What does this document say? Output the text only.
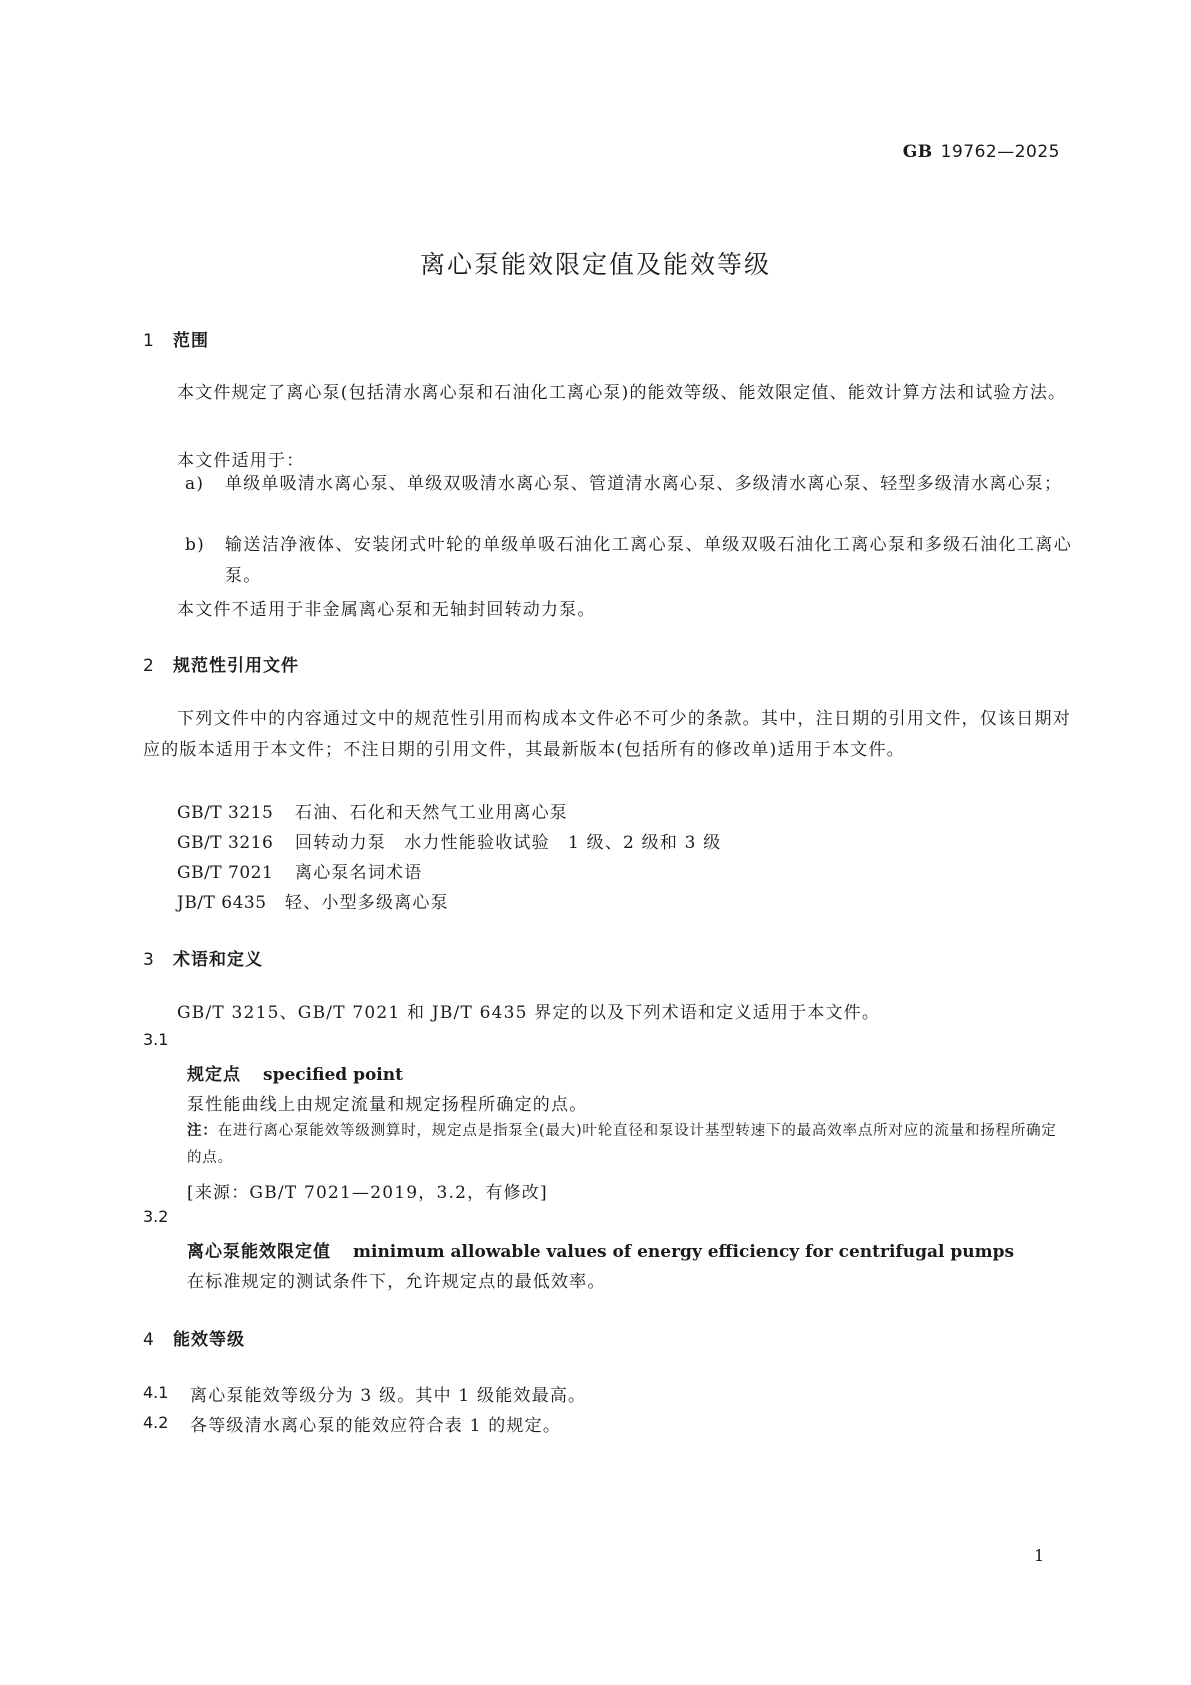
GB 19762—2025
离心泵能效限定值及能效等级
1 范围
本文件规定了离心泵(包括清水离心泵和石油化工离心泵)的能效等级、能效限定值、能效计算方法和试验方法。
本文件适用于：
a)	单级单吸清水离心泵、单级双吸清水离心泵、管道清水离心泵、多级清水离心泵、轻型多级清水离心泵；
b)	输送洁净液体、安装闭式叶轮的单级单吸石油化工离心泵、单级双吸石油化工离心泵和多级石油化工离心泵。
本文件不适用于非金属离心泵和无轴封回转动力泵。
2 规范性引用文件
下列文件中的内容通过文中的规范性引用而构成本文件必不可少的条款。其中，注日期的引用文件，仅该日期对应的版本适用于本文件；不注日期的引用文件，其最新版本(包括所有的修改单)适用于本文件。
GB/T 3215 石油、石化和天然气工业用离心泵
GB/T 3216 回转动力泵　水力性能验收试验　1 级、2 级和 3 级
GB/T 7021 离心泵名词术语
JB/T 6435 轻、小型多级离心泵
3 术语和定义
GB/T 3215、GB/T 7021 和 JB/T 6435 界定的以及下列术语和定义适用于本文件。
3.1
规定点 specified point
泵性能曲线上由规定流量和规定扬程所确定的点。
注：在进行离心泵能效等级测算时，规定点是指泵全(最大)叶轮直径和泵设计基型转速下的最高效率点所对应的流量和扬程所确定的点。
[来源：GB/T 7021—2019，3.2，有修改]
3.2
离心泵能效限定值 minimum allowable values of energy efficiency for centrifugal pumps
在标准规定的测试条件下，允许规定点的最低效率。
4 能效等级
4.1 离心泵能效等级分为 3 级。其中 1 级能效最高。
4.2 各等级清水离心泵的能效应符合表 1 的规定。
1
